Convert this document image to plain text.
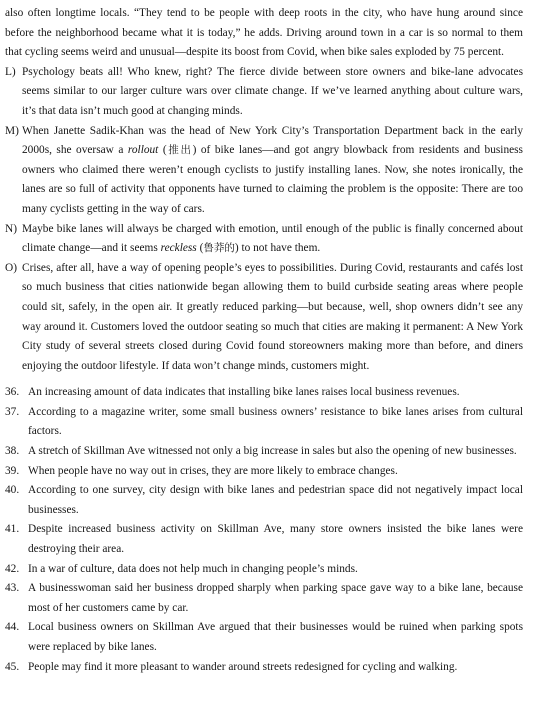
also often longtime locals. “They tend to be people with deep roots in the city, who have hung around since before the neighborhood became what it is today,” he adds. Driving around town in a car is so normal to them that cycling seems weird and unusual—despite its boost from Covid, when bike sales exploded by 75 percent.

L) Psychology beats all! Who knew, right? The fierce divide between store owners and bike-lane advocates seems similar to our larger culture wars over climate change. If we’ve learned anything about culture wars, it’s that data isn’t much good at changing minds.

M) When Janette Sadik-Khan was the head of New York City’s Transportation Department back in the early 2000s, she oversaw a rollout (推出) of bike lanes—and got angry blowback from residents and business owners who claimed there weren’t enough cyclists to justify installing lanes. Now, she notes ironically, the lanes are so full of activity that opponents have turned to claiming the problem is the opposite: There are too many cyclists getting in the way of cars.

N) Maybe bike lanes will always be charged with emotion, until enough of the public is finally concerned about climate change—and it seems reckless (鲁莽的) to not have them.

O) Crises, after all, have a way of opening people’s eyes to possibilities. During Covid, restaurants and cafés lost so much business that cities nationwide began allowing them to build curbside seating areas where people could sit, safely, in the open air. It greatly reduced parking—but because, well, shop owners didn’t see any way around it. Customers loved the outdoor seating so much that cities are making it permanent: A New York City study of several streets closed during Covid found storeowners making more than before, and diners enjoying the outdoor lifestyle. If data won’t change minds, customers might.

36. An increasing amount of data indicates that installing bike lanes raises local business revenues.

37. According to a magazine writer, some small business owners’ resistance to bike lanes arises from cultural factors.

38. A stretch of Skillman Ave witnessed not only a big increase in sales but also the opening of new businesses.

39. When people have no way out in crises, they are more likely to embrace changes.

40. According to one survey, city design with bike lanes and pedestrian space did not negatively impact local businesses.

41. Despite increased business activity on Skillman Ave, many store owners insisted the bike lanes were destroying their area.

42. In a war of culture, data does not help much in changing people’s minds.

43. A businesswoman said her business dropped sharply when parking space gave way to a bike lane, because most of her customers came by car.

44. Local business owners on Skillman Ave argued that their businesses would be ruined when parking spots were replaced by bike lanes.

45. People may find it more pleasant to wander around streets redesigned for cycling and walking.
